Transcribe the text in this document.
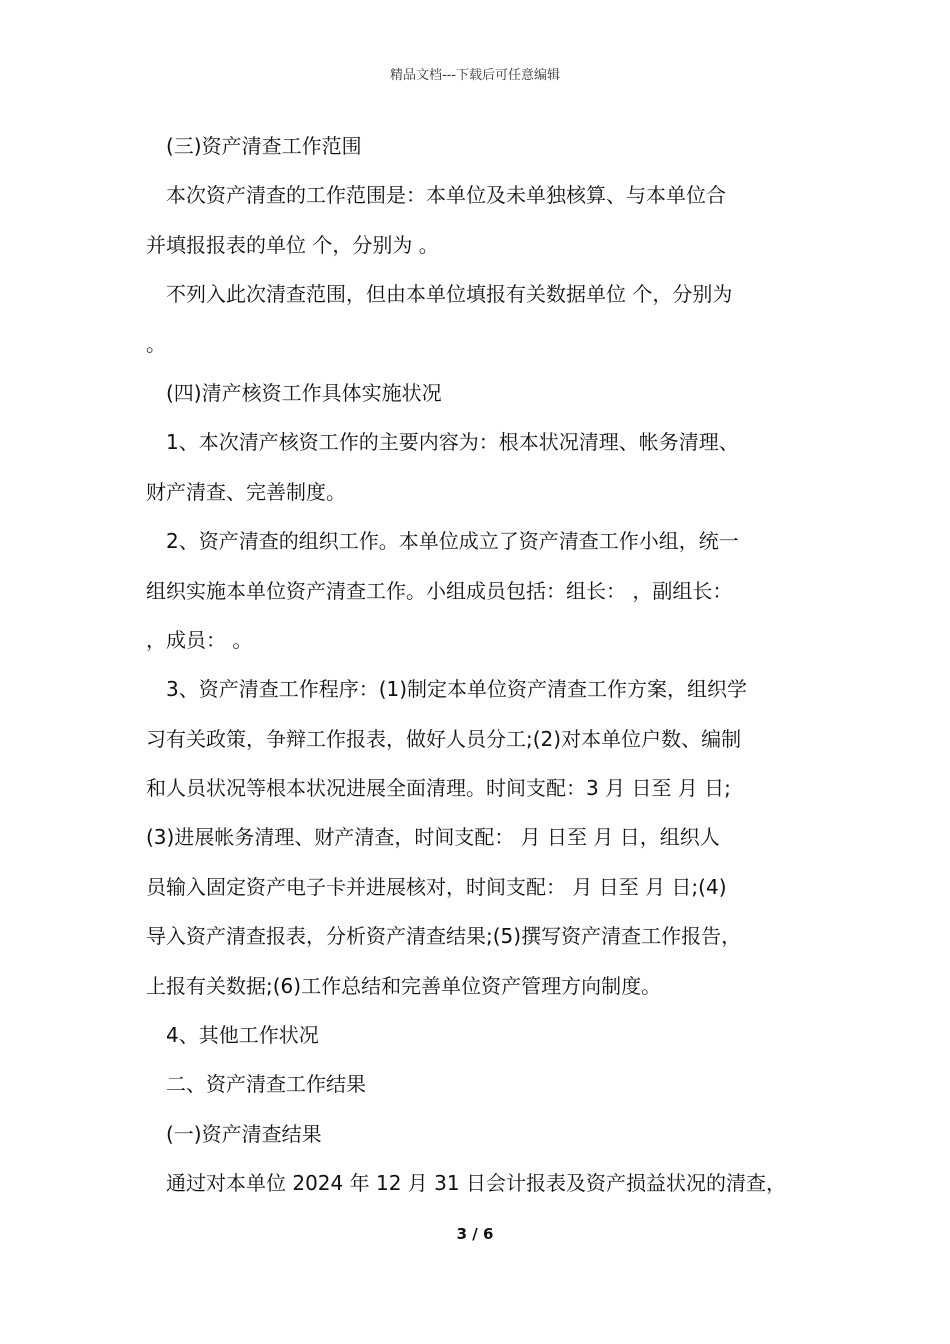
精品文档---下载后可任意编辑
(三)资产清查工作范围
本次资产清查的工作范围是：本单位及未单独核算、与本单位合
并填报报表的单位 个，分别为 。
不列入此次清查范围，但由本单位填报有关数据单位 个，分别为
。
(四)清产核资工作具体实施状况
1、本次清产核资工作的主要内容为：根本状况清理、帐务清理、
财产清查、完善制度。
2、资产清查的组织工作。本单位成立了资产清查工作小组，统一
组织实施本单位资产清查工作。小组成员包括：组长： ，副组长：
，成员： 。
3、资产清查工作程序：(1)制定本单位资产清查工作方案，组织学
习有关政策，争辩工作报表，做好人员分工;(2)对本单位户数、编制
和人员状况等根本状况进展全面清理。时间支配：3 月 日至 月 日;
(3)进展帐务清理、财产清查，时间支配： 月 日至 月 日，组织人
员输入固定资产电子卡并进展核对，时间支配： 月 日至 月 日;(4)
导入资产清查报表，分析资产清查结果;(5)撰写资产清查工作报告，
上报有关数据;(6)工作总结和完善单位资产管理方向制度。
4、其他工作状况
二、资产清查工作结果
(一)资产清查结果
通过对本单位 2024 年 12 月 31 日会计报表及资产损益状况的清查，
3 / 6
